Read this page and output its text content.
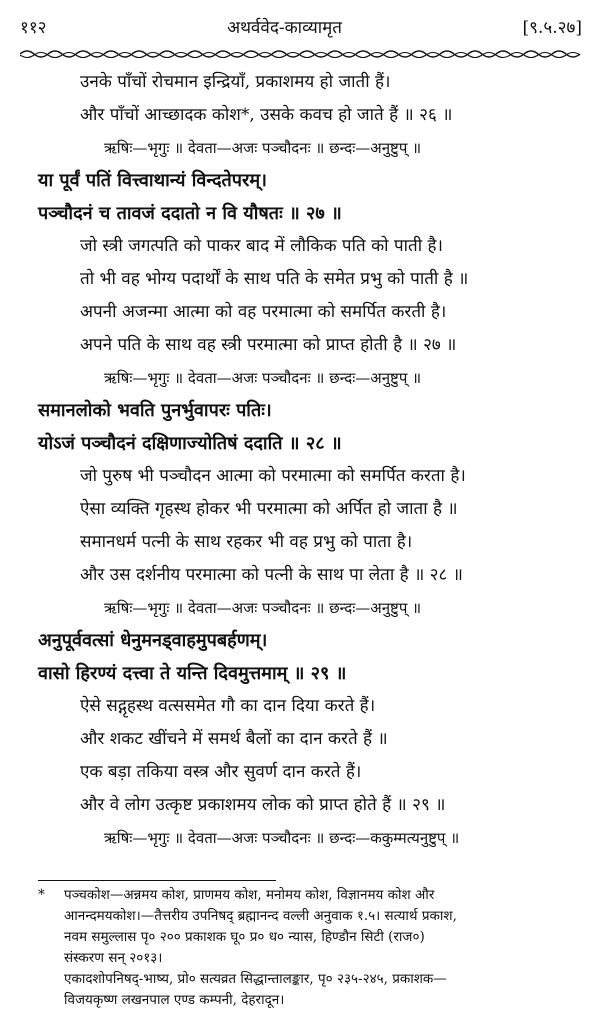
११२	अथर्ववेद-काव्यामृत	[९.५.२७]
उनके पाँचों रोचमान इन्द्रियाँ, प्रकाशमय हो जाती हैं।
और पाँचों आच्छादक कोश*, उसके कवच हो जाते हैं ॥ २६ ॥
ऋषिः—भृगुः ॥ देवता—अजः पञ्चौदनः ॥ छन्दः—अनुष्टुप् ॥
या पूर्वं पतिं वित्त्वाथान्यं विन्दतेपरम्।
पञ्चौदनं च तावजं ददातो न वि यौषतः ॥ २७ ॥
जो स्त्री जगत्पति को पाकर बाद में लौकिक पति को पाती है।
तो भी वह भोग्य पदार्थों के साथ पति के समेत प्रभु को पाती है ॥
अपनी अजन्मा आत्मा को वह परमात्मा को समर्पित करती है।
अपने पति के साथ वह स्त्री परमात्मा को प्राप्त होती है ॥ २७ ॥
ऋषिः—भृगुः ॥ देवता—अजः पञ्चौदनः ॥ छन्दः—अनुष्टुप् ॥
समानलोको भवति पुनर्भुवापरः पतिः।
योऽजं पञ्चौदनं दक्षिणाज्योतिषं ददाति ॥ २८ ॥
जो पुरुष भी पञ्चौदन आत्मा को परमात्मा को समर्पित करता है।
ऐसा व्यक्ति गृहस्थ होकर भी परमात्मा को अर्पित हो जाता है ॥
समानधर्म पत्नी के साथ रहकर भी वह प्रभु को पाता है।
और उस दर्शनीय परमात्मा को पत्नी के साथ पा लेता है ॥ २८ ॥
ऋषिः—भृगुः ॥ देवता—अजः पञ्चौदनः ॥ छन्दः—अनुष्टुप् ॥
अनुपूर्ववत्सां धेनुमनड्वाहमुपबर्हणम्।
वासो हिरण्यं दत्त्वा ते यन्ति दिवमुत्तमाम् ॥ २९ ॥
ऐसे सद्गृहस्थ वत्ससमेत गौ का दान दिया करते हैं।
और शकट खींचने में समर्थ बैलों का दान करते हैं ॥
एक बड़ा तकिया वस्त्र और सुवर्ण दान करते हैं।
और वे लोग उत्कृष्ट प्रकाशमय लोक को प्राप्त होते हैं ॥ २९ ॥
ऋषिः—भृगुः ॥ देवता—अजः पञ्चौदनः ॥ छन्दः—ककुम्मत्यनुष्टुप् ॥
*	पञ्चकोश—अन्नमय कोश, प्राणमय कोश, मनोमय कोश, विज्ञानमय कोश और
आनन्दमयकोश।—तैत्तरीय उपनिषद् ब्रह्मानन्द वल्ली अनुवाक १.५। सत्यार्थ प्रकाश,
नवम समुल्लास पृ० २०० प्रकाशक घू० प्र० ध० न्यास, हिण्डौन सिटी (राज०)
संस्करण सन् २०१३।
एकादशोपनिषद्-भाष्य, प्रो० सत्यव्रत सिद्धान्तालङ्कार, पृ० २३५-२४५, प्रकाशक—
विजयकृष्ण लखनपाल एण्ड कम्पनी, देहरादून।
